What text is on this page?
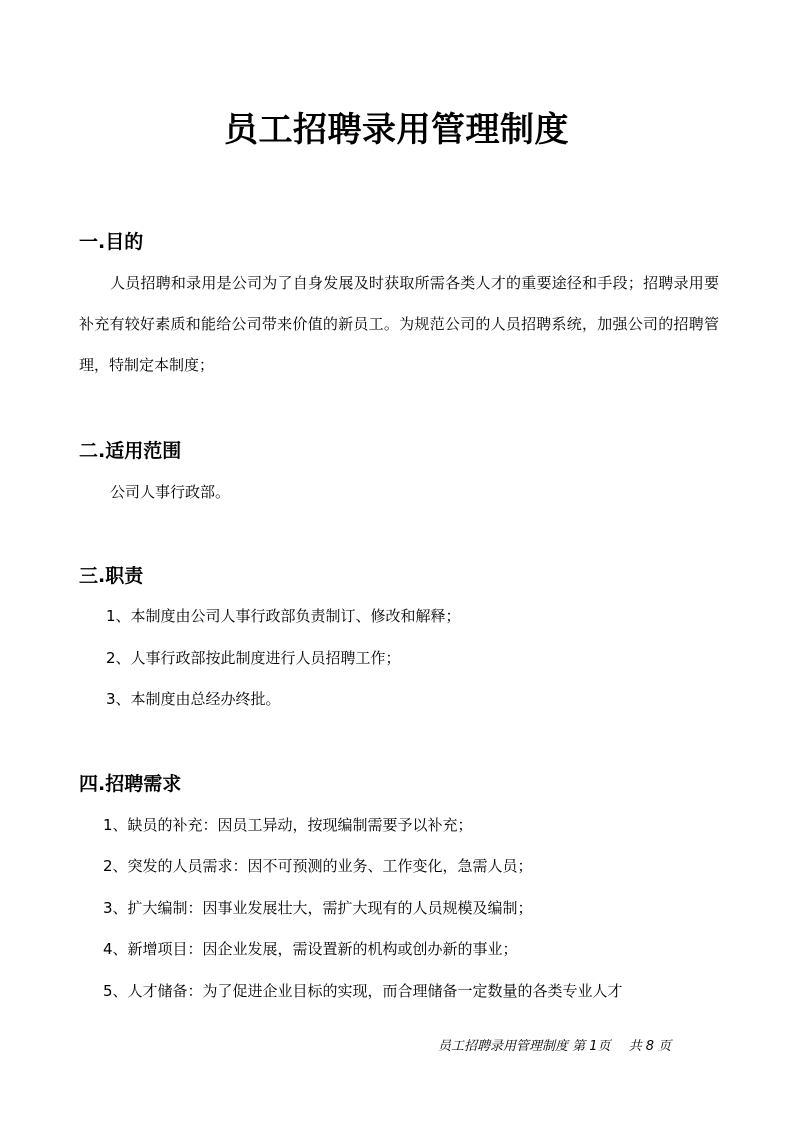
员工招聘录用管理制度
一.目的
人员招聘和录用是公司为了自身发展及时获取所需各类人才的重要途径和手段；招聘录用要补充有较好素质和能给公司带来价值的新员工。为规范公司的人员招聘系统，加强公司的招聘管理，特制定本制度；
二.适用范围
公司人事行政部。
三.职责
1、本制度由公司人事行政部负责制订、修改和解释；
2、人事行政部按此制度进行人员招聘工作；
3、本制度由总经办终批。
四.招聘需求
1、缺员的补充：因员工异动，按现编制需要予以补充；
2、突发的人员需求：因不可预测的业务、工作变化，急需人员；
3、扩大编制：因事业发展壮大，需扩大现有的人员规模及编制；
4、新增项目：因企业发展，需设置新的机构或创办新的事业；
5、人才储备：为了促进企业目标的实现，而合理储备一定数量的各类专业人才
员工招聘录用管理制度 第 1页 共 8 页
